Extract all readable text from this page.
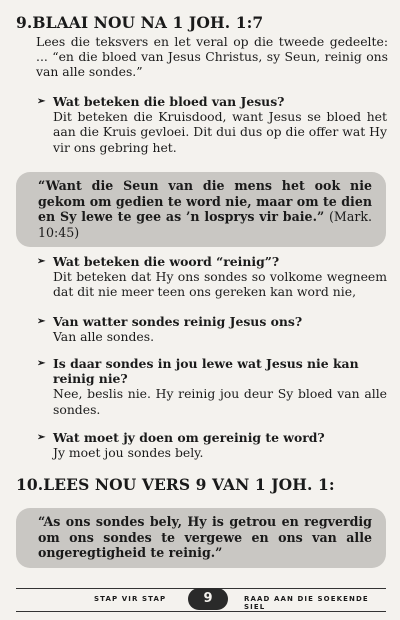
9.BLAAI NOU NA 1 JOH. 1:7
Lees die teksvers en let veral op die tweede gedeelte: ... “en die bloed van Jesus Christus, sy Seun, reinig ons van alle sondes.”
➢ Wat beteken die bloed van Jesus?
Dit beteken die Kruisdood, want Jesus se bloed het aan die Kruis gevloei. Dit dui dus op die offer wat Hy vir ons gebring het.
“Want die Seun van die mens het ook nie gekom om gedien te word nie, maar om te dien en Sy lewe te gee as ’n losprys vir baie.” (Mark. 10:45)
➢ Wat beteken die woord “reinig”?
Dit beteken dat Hy ons sondes so volkome wegneem dat dit nie meer teen ons gereken kan word nie,
➢ Van watter sondes reinig Jesus ons?
Van alle sondes.
➢ Is daar sondes in jou lewe wat Jesus nie kan reinig nie?
Nee, beslis nie. Hy reinig jou deur Sy bloed van alle sondes.
➢ Wat moet jy doen om gereinig te word?
Jy moet jou sondes bely.
10.LEES NOU VERS 9 VAN 1 JOH. 1:
“As ons sondes bely, Hy is getrou en regverdig om ons sondes te vergewe en ons van alle ongeregtigheid te reinig.”
STAP VIR STAP	9	RAAD AAN DIE SOEKENDE SIEL
